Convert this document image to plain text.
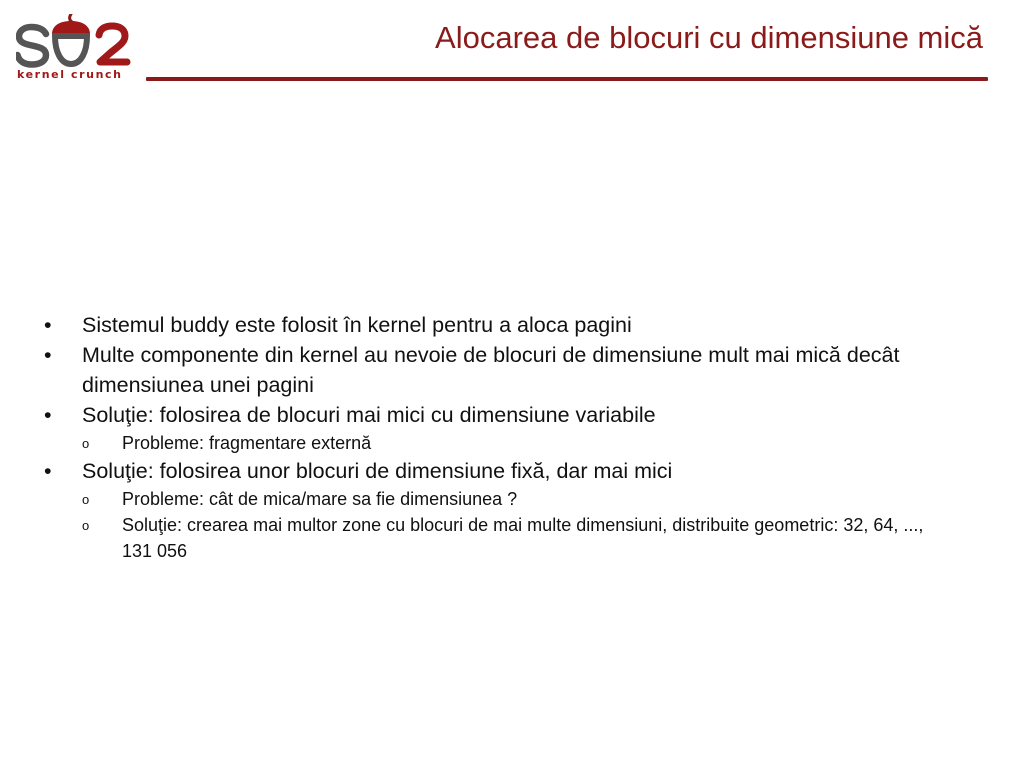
kernel crunch
Alocarea de blocuri cu dimensiune mică
•	Sistemul buddy este folosit în kernel pentru a aloca pagini
•	Multe componente din kernel au nevoie de blocuri de dimensiune mult mai mică decât dimensiunea unei pagini
•	Soluţie: folosirea de blocuri mai mici cu dimensiune variabile
o Probleme: fragmentare externă
•	Soluţie: folosirea unor blocuri de dimensiune fixă, dar mai mici
o Probleme: cât de mica/mare sa fie dimensiunea ?
o Soluţie: crearea mai multor zone cu blocuri de mai multe dimensiuni, distribuite geometric: 32, 64, ..., 131 056
